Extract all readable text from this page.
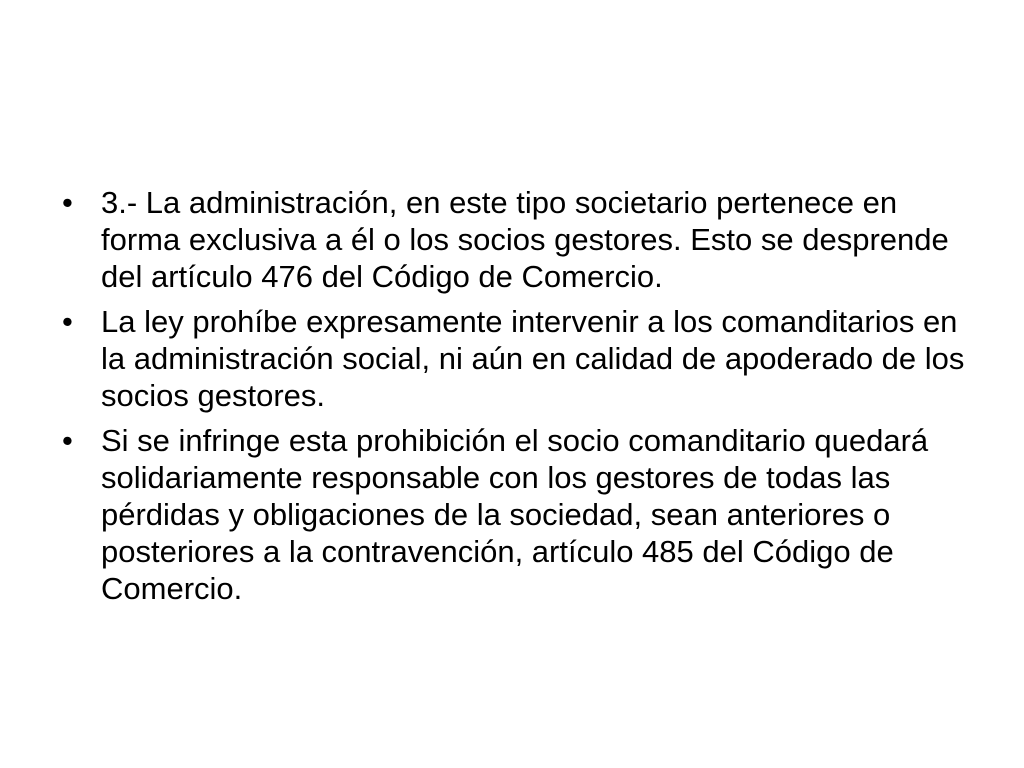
• 3.- La administración, en este tipo societario pertenece en forma exclusiva a él o los socios gestores. Esto se desprende del artículo 476 del Código de Comercio.
• La ley prohíbe expresamente intervenir a los comanditarios en la administración social, ni aún en calidad de apoderado de los socios gestores.
• Si se infringe esta prohibición el socio comanditario quedará solidariamente responsable con los gestores de todas las pérdidas y obligaciones de la sociedad, sean anteriores o posteriores a la contravención, artículo 485 del Código de Comercio.
